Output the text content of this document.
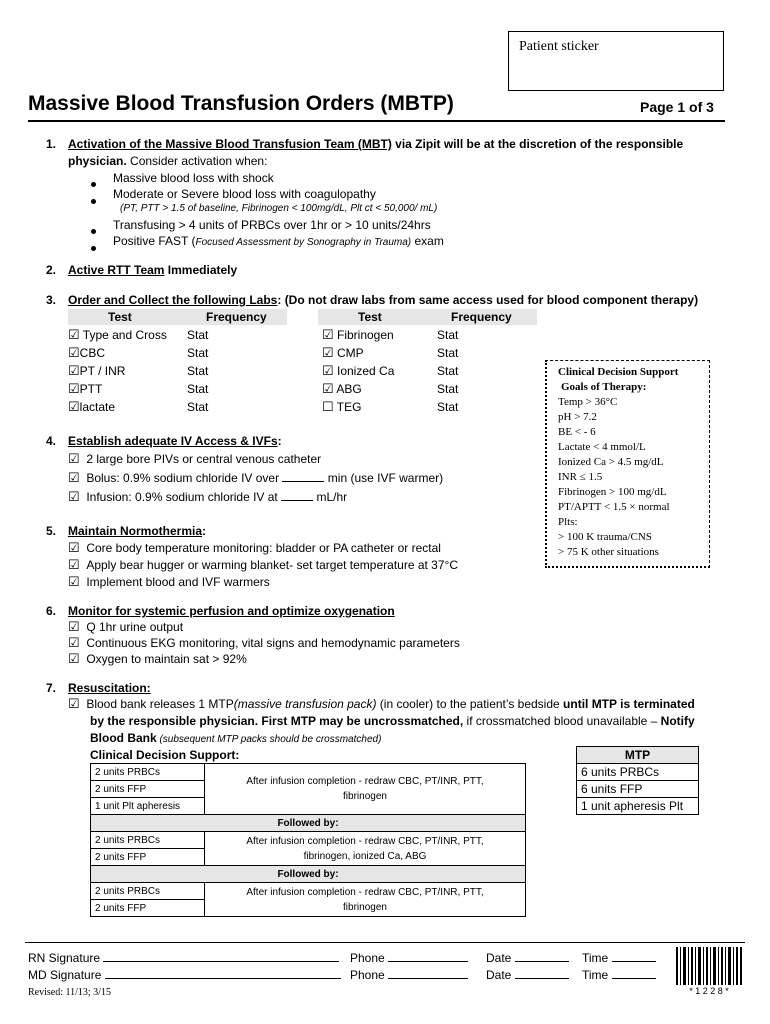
Patient sticker
Massive Blood Transfusion Orders (MBTP)	Page 1 of 3
1. Activation of the Massive Blood Transfusion Team (MBT) via Zipit will be at the discretion of the responsible
physician. Consider activation when:
Massive blood loss with shock
Moderate or Severe blood loss with coagulopathy
(PT, PTT > 1.5 of baseline, Fibrinogen < 100mg/dL, Plt ct < 50,000/ mL)
Transfusing > 4 units of PRBCs over 1hr or > 10 units/24hrs
Positive FAST (Focused Assessment by Sonography in Trauma) exam
2. Active RTT Team Immediately
3. Order and Collect the following Labs: (Do not draw labs from same access used for blood component therapy)
Test	Frequency	Test	Frequency
☑ Type and Cross Stat
☑CBC	Stat
☑PT / INR	Stat
☑PTT	Stat
☑lactate	Stat
☑ Fibrinogen	Stat
☑ CMP	Stat
☑ Ionized Ca	Stat
☑ ABG	Stat
☐ TEG	Stat
Clinical Decision Support
Goals of Therapy:
Temp > 36°C
pH > 7.2
BE < - 6
Lactate < 4 mmol/L
Ionized Ca > 4.5 mg/dL
INR ≤ 1.5
Fibrinogen > 100 mg/dL
PT/APTT < 1.5 × normal
Plts:
> 100 K trauma/CNS
> 75 K other situations
4. Establish adequate IV Access & IVFs:
☑ 2 large bore PIVs or central venous catheter
☑ Bolus: 0.9% sodium chloride IV over	min (use IVF warmer)
☑ Infusion: 0.9% sodium chloride IV at	mL/hr
5. Maintain Normothermia:
☑ Core body temperature monitoring: bladder or PA catheter or rectal
☑ Apply bear hugger or warming blanket- set target temperature at 37°C
☑ Implement blood and IVF warmers
6. Monitor for systemic perfusion and optimize oxygenation
☑ Q 1hr urine output
☑ Continuous EKG monitoring, vital signs and hemodynamic parameters
☑ Oxygen to maintain sat > 92%
7. Resuscitation:
☑ Blood bank releases 1 MTP(massive transfusion pack) (in cooler) to the patient’s bedside until MTP is terminated
by the responsible physician. First MTP may be uncrossmatched, if crossmatched blood unavailable – Notify
Blood Bank (subsequent MTP packs should be crossmatched)
Clinical Decision Support:
2 units PRBCs	After infusion completion - redraw CBC, PT/INR, PTT,
fibrinogen
2 units FFP	
1 unit Plt apheresis	
Followed by:	
2 units PRBCs	After infusion completion - redraw CBC, PT/INR, PTT,
fibrinogen, ionized Ca, ABG
2 units FFP	
Followed by:	
2 units PRBCs	After infusion completion - redraw CBC, PT/INR, PTT,
fibrinogen
2 units FFP	
MTP
6 units PRBCs
6 units FFP
1 unit apheresis Plt
RN Signature
MD Signature
Phone
Phone
Date
Date
Time
Time
Revised: 11/13; 3/15	* 1 2 2 8 *
